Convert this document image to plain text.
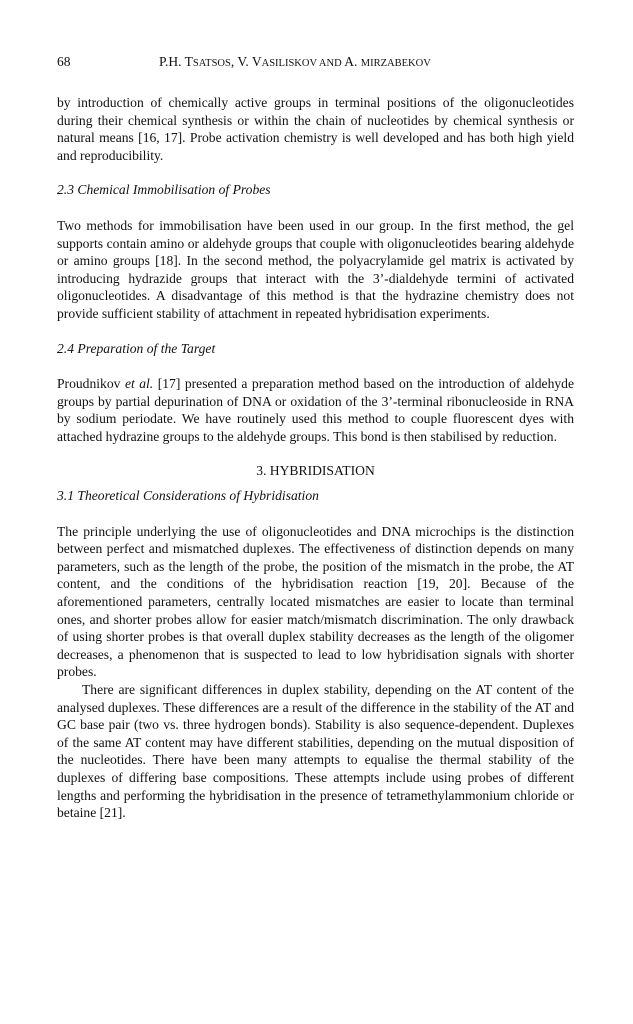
68	P.H. TSATSOS, V. VASILISKOV AND A. MIRZABEKOV

by introduction of chemically active groups in terminal positions of the oligonucleotides during their chemical synthesis or within the chain of nucleotides by chemical synthesis or natural means [16, 17]. Probe activation chemistry is well developed and has both high yield and reproducibility.

2.3 Chemical Immobilisation of Probes

Two methods for immobilisation have been used in our group. In the first method, the gel supports contain amino or aldehyde groups that couple with oligonucleotides bearing aldehyde or amino groups [18]. In the second method, the polyacrylamide gel matrix is activated by introducing hydrazide groups that interact with the 3’-dialdehyde termini of activated oligonucleotides. A disadvantage of this method is that the hydrazine chemistry does not provide sufficient stability of attachment in repeated hybridisation experiments.

2.4 Preparation of the Target

Proudnikov et al. [17] presented a preparation method based on the introduction of aldehyde groups by partial depurination of DNA or oxidation of the 3’-terminal ribonucleoside in RNA by sodium periodate. We have routinely used this method to couple fluorescent dyes with attached hydrazine groups to the aldehyde groups. This bond is then stabilised by reduction.

3. HYBRIDISATION
3.1 Theoretical Considerations of Hybridisation

The principle underlying the use of oligonucleotides and DNA microchips is the distinction between perfect and mismatched duplexes. The effectiveness of distinction depends on many parameters, such as the length of the probe, the position of the mismatch in the probe, the AT content, and the conditions of the hybridisation reaction [19, 20]. Because of the aforementioned parameters, centrally located mismatches are easier to locate than terminal ones, and shorter probes allow for easier match/mismatch discrimination. The only drawback of using shorter probes is that overall duplex stability decreases as the length of the oligomer decreases, a phenomenon that is suspected to lead to low hybridisation signals with shorter probes.

There are significant differences in duplex stability, depending on the AT content of the analysed duplexes. These differences are a result of the difference in the stability of the AT and GC base pair (two vs. three hydrogen bonds). Stability is also sequence-dependent. Duplexes of the same AT content may have different stabilities, depending on the mutual disposition of the nucleotides. There have been many attempts to equalise the thermal stability of the duplexes of differing base compositions. These attempts include using probes of different lengths and performing the hybridisation in the presence of tetramethylammonium chloride or betaine [21].
